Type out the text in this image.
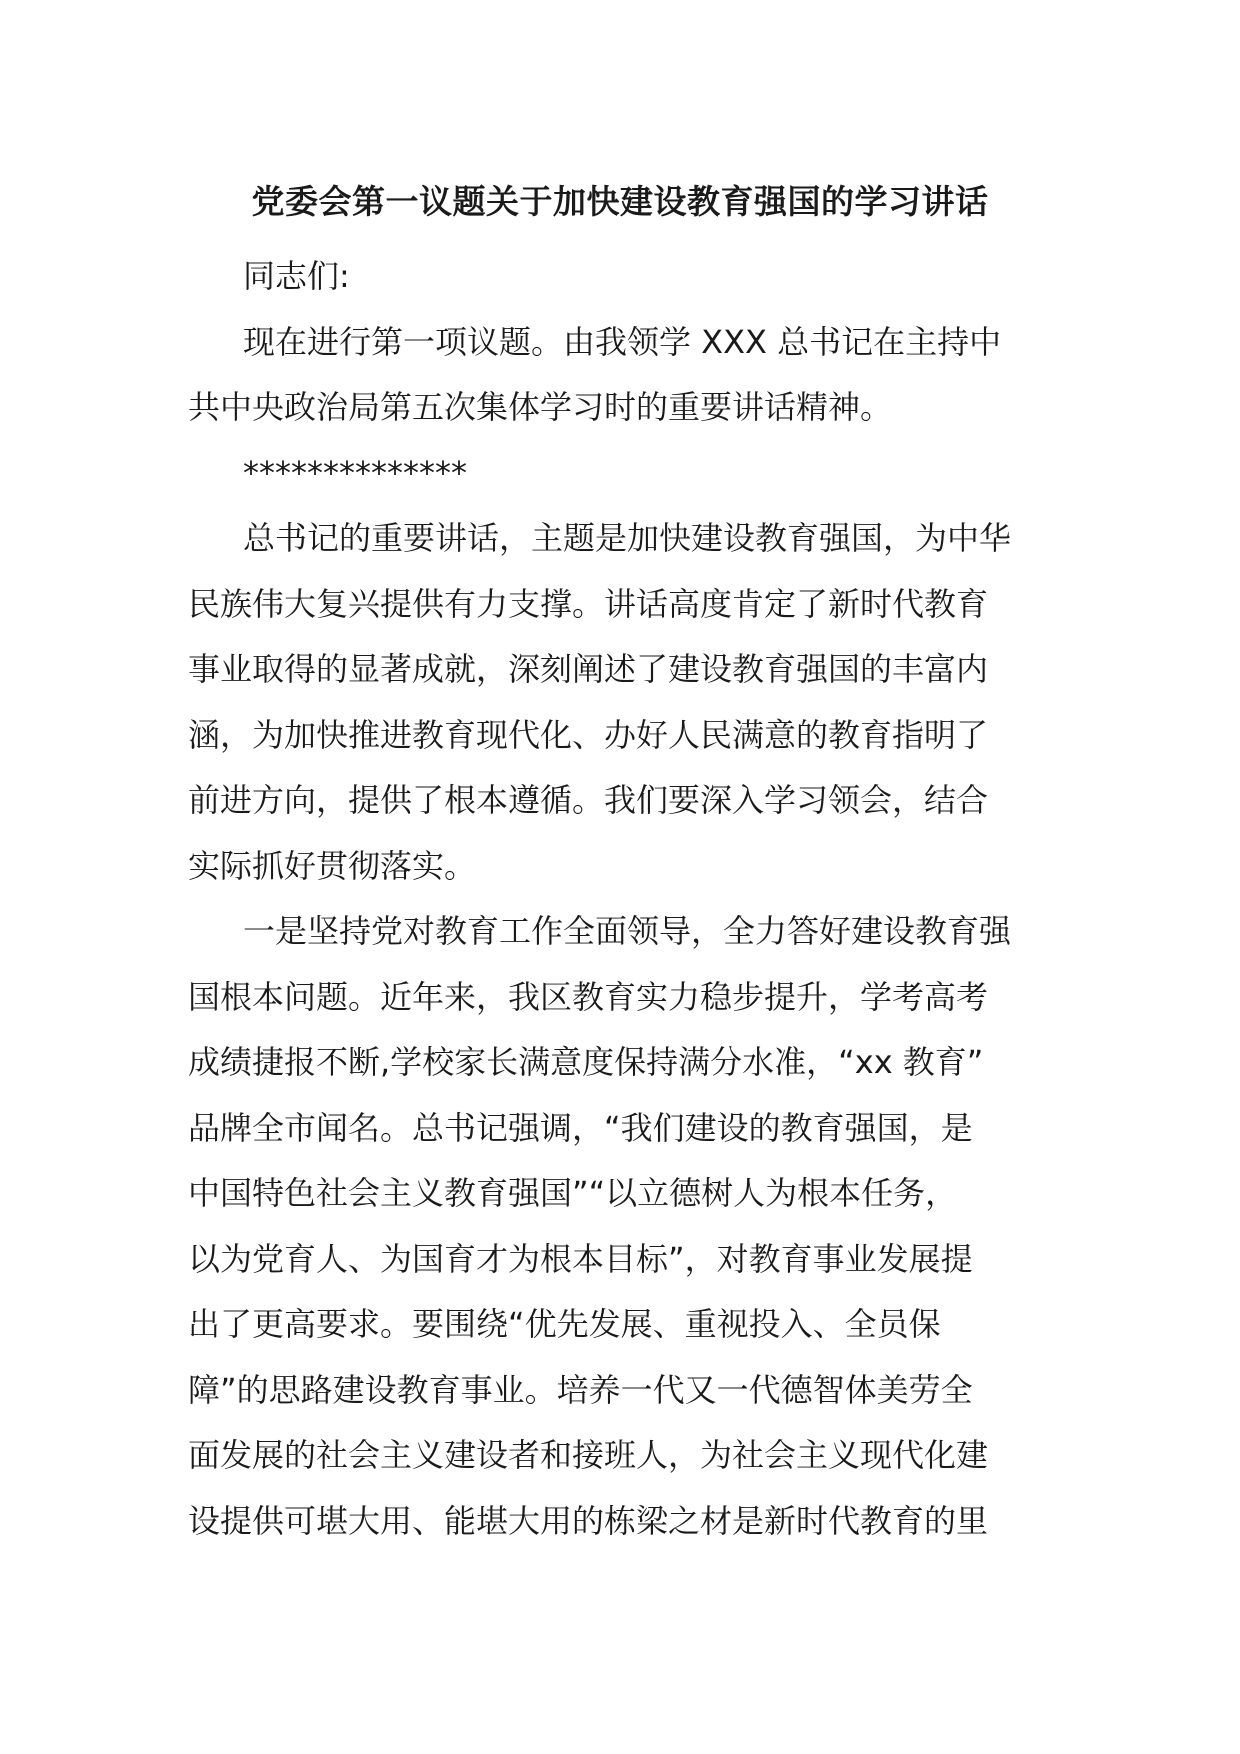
党委会第一议题关于加快建设教育强国的学习讲话

同志们:

现在进行第一项议题。由我领学 XXX 总书记在主持中
共中央政治局第五次集体学习时的重要讲话精神。

**************

总书记的重要讲话，主题是加快建设教育强国，为中华
民族伟大复兴提供有力支撑。讲话高度肯定了新时代教育
事业取得的显著成就，深刻阐述了建设教育强国的丰富内
涵，为加快推进教育现代化、办好人民满意的教育指明了
前进方向，提供了根本遵循。我们要深入学习领会，结合
实际抓好贯彻落实。

一是坚持党对教育工作全面领导，全力答好建设教育强
国根本问题。近年来，我区教育实力稳步提升，学考高考
成绩捷报不断,学校家长满意度保持满分水准，“xx 教育”
品牌全市闻名。总书记强调，“我们建设的教育强国，是
中国特色社会主义教育强国”“以立德树人为根本任务，
以为党育人、为国育才为根本目标”，对教育事业发展提
出了更高要求。要围绕“优先发展、重视投入、全员保
障”的思路建设教育事业。培养一代又一代德智体美劳全
面发展的社会主义建设者和接班人，为社会主义现代化建
设提供可堪大用、能堪大用的栋梁之材是新时代教育的里
